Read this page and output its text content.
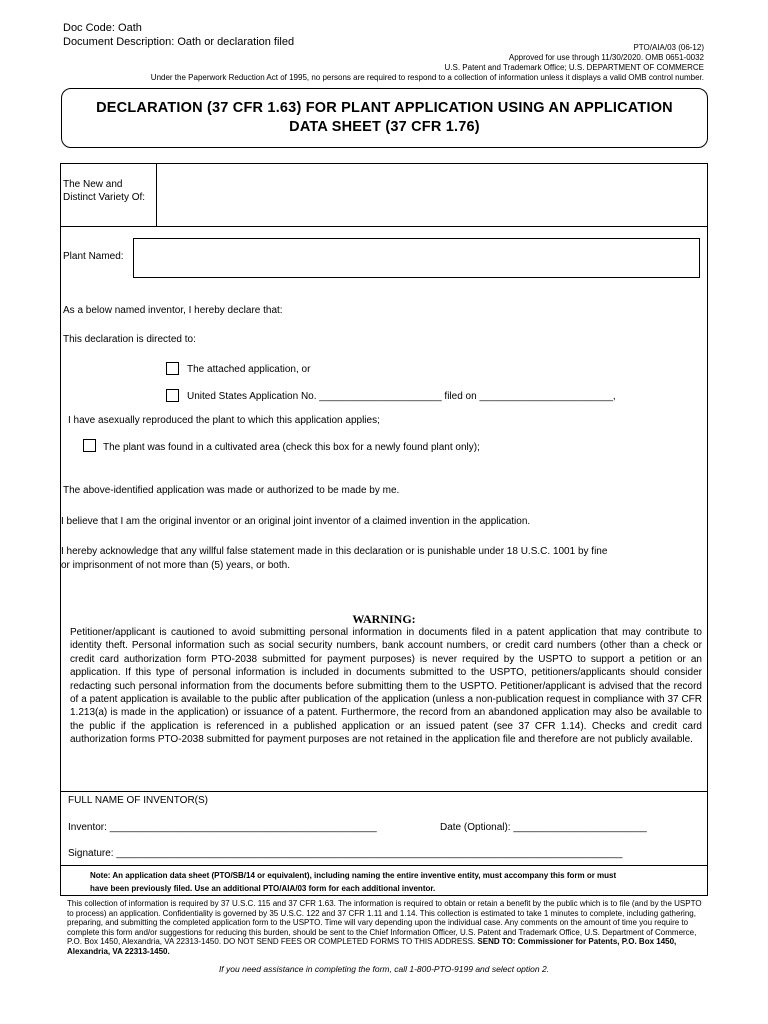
Doc Code: Oath
Document Description: Oath or declaration filed	PTO/AIA/03 (06-12)
Approved for use through 11/30/2020. OMB 0651-0032
U.S. Patent and Trademark Office; U.S. DEPARTMENT OF COMMERCE
Under the Paperwork Reduction Act of 1995, no persons are required to respond to a collection of information unless it displays a valid OMB control number.
DECLARATION (37 CFR 1.63) FOR PLANT APPLICATION USING AN APPLICATION
DATA SHEET (37 CFR 1.76)
The New and
Distinct Variety Of:
Plant Named:
As a below named inventor, I hereby declare that:
This declaration is directed to:
The attached application, or
United States Application No. ______________________ filed on ________________________,
I have asexually reproduced the plant to which this application applies;
The plant was found in a cultivated area (check this box for a newly found plant only);
The above-identified application was made or authorized to be made by me.
I believe that I am the original inventor or an original joint inventor of a claimed invention in the application.
I hereby acknowledge that any willful false statement made in this declaration or is punishable under 18 U.S.C. 1001 by fine
or imprisonment of not more than (5) years, or both.
WARNING:
Petitioner/applicant is cautioned to avoid submitting personal information in documents filed in a patent application that may contribute to identity theft. Personal information such as social security numbers, bank account numbers, or credit card numbers (other than a check or credit card authorization form PTO-2038 submitted for payment purposes) is never required by the USPTO to support a petition or an application. If this type of personal information is included in documents submitted to the USPTO, petitioners/applicants should consider redacting such personal information from the documents before submitting them to the USPTO. Petitioner/applicant is advised that the record of a patent application is available to the public after publication of the application (unless a non-publication request in compliance with 37 CFR 1.213(a) is made in the application) or issuance of a patent. Furthermore, the record from an abandoned application may also be available to the public if the application is referenced in a published application or an issued patent (see 37 CFR 1.14). Checks and credit card authorization forms PTO-2038 submitted for payment purposes are not retained in the application file and therefore are not publicly available.
FULL NAME OF INVENTOR(S)
Inventor: ________________________________________________	Date (Optional): ________________________
Signature: ___________________________________________________________________________________________
Note: An application data sheet (PTO/SB/14 or equivalent), including naming the entire inventive entity, must accompany this form or must
have been previously filed. Use an additional PTO/AIA/03 form for each additional inventor.
This collection of information is required by 37 U.S.C. 115 and 37 CFR 1.63. The information is required to obtain or retain a benefit by the public which is to file (and by the USPTO to process) an application. Confidentiality is governed by 35 U.S.C. 122 and 37 CFR 1.11 and 1.14. This collection is estimated to take 1 minutes to complete, including gathering, preparing, and submitting the completed application form to the USPTO. Time will vary depending upon the individual case. Any comments on the amount of time you require to complete this form and/or suggestions for reducing this burden, should be sent to the Chief Information Officer, U.S. Patent and Trademark Office, U.S. Department of Commerce, P.O. Box 1450, Alexandria, VA 22313-1450. DO NOT SEND FEES OR COMPLETED FORMS TO THIS ADDRESS. SEND TO: Commissioner for Patents, P.O. Box 1450, Alexandria, VA 22313-1450.
If you need assistance in completing the form, call 1-800-PTO-9199 and select option 2.
